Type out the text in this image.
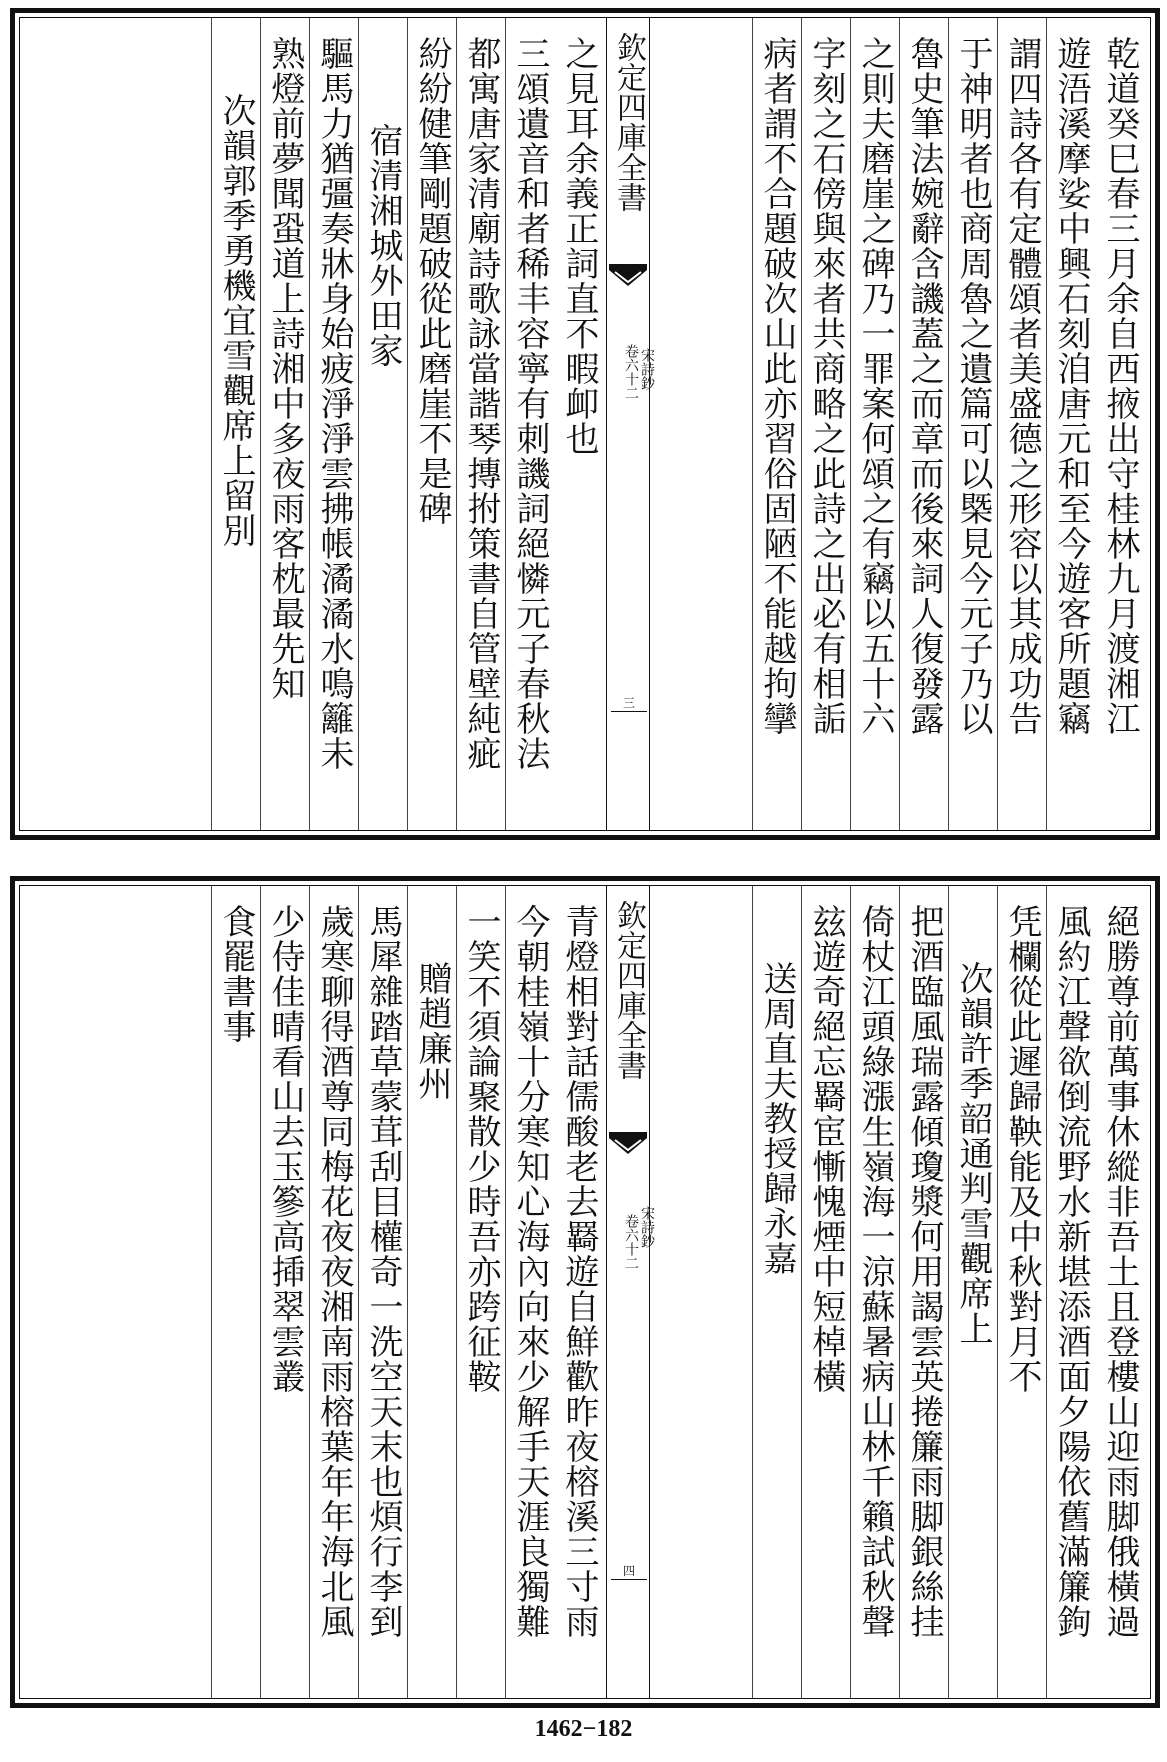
乾道癸巳春三月余自西掖出守桂林九月渡湘江
遊浯溪摩娑中興石刻洎唐元和至今遊客所題竊
謂四詩各有定體頌者美盛德之形容以其成功告
于神明者也商周魯之遺篇可以槩見今元子乃以
魯史筆法婉辭含譏蓋之而章而後來詞人復發露
之則夫磨崖之碑乃一罪案何頌之有竊以五十六
字刻之石傍與來者共商略之此詩之出必有相詬
病者謂不合題破次山此亦習俗固陋不能越拘攣
欽定四庫全書
宋詩鈔
卷六十二
三
之見耳余義正詞直不暇卹也
三頌遺音和者稀丰容寧有刺譏詞絕憐元子春秋法
都寓唐家清廟詩歌詠當諧琴摶拊策書自管壁純疵
紛紛健筆剛題破從此磨崖不是碑
宿清湘城外田家
驅馬力猶彊奏牀身始疲淨淨雲拂帳潏潏水鳴籬未
熟燈前夢聞蛩道上詩湘中多夜雨客枕最先知
次韻郭季勇機宜雪觀席上留別
絕勝尊前萬事休縱非吾土且登樓山迎雨脚俄橫過
風約江聲欲倒流野水新堪添酒面夕陽依舊滿簾鉤
凭欄從此遲歸鞅能及中秋對月不
次韻許季韶通判雪觀席上
把酒臨風瑞露傾瓊漿何用謁雲英捲簾雨脚銀絲挂
倚杖江頭綠漲生嶺海一涼蘇暑病山林千籟試秋聲
玆遊奇絕忘羇宦慚愧煙中短棹橫
送周直夫教授歸永嘉
欽定四庫全書
宋詩鈔
卷六十二
四
青燈相對話儒酸老去羇遊自鮮歡昨夜榕溪三寸雨
今朝桂嶺十分寒知心海內向來少解手天涯良獨難
一笑不須論聚散少時吾亦跨征鞍
贈趙廉州
馬犀雜踏草蒙茸刮目權奇一洗空天末也煩行李到
歲寒聊得酒尊同梅花夜夜湘南雨榕葉年年海北風
少侍佳晴看山去玉篸高揷翠雲叢
食罷書事
1462−182
